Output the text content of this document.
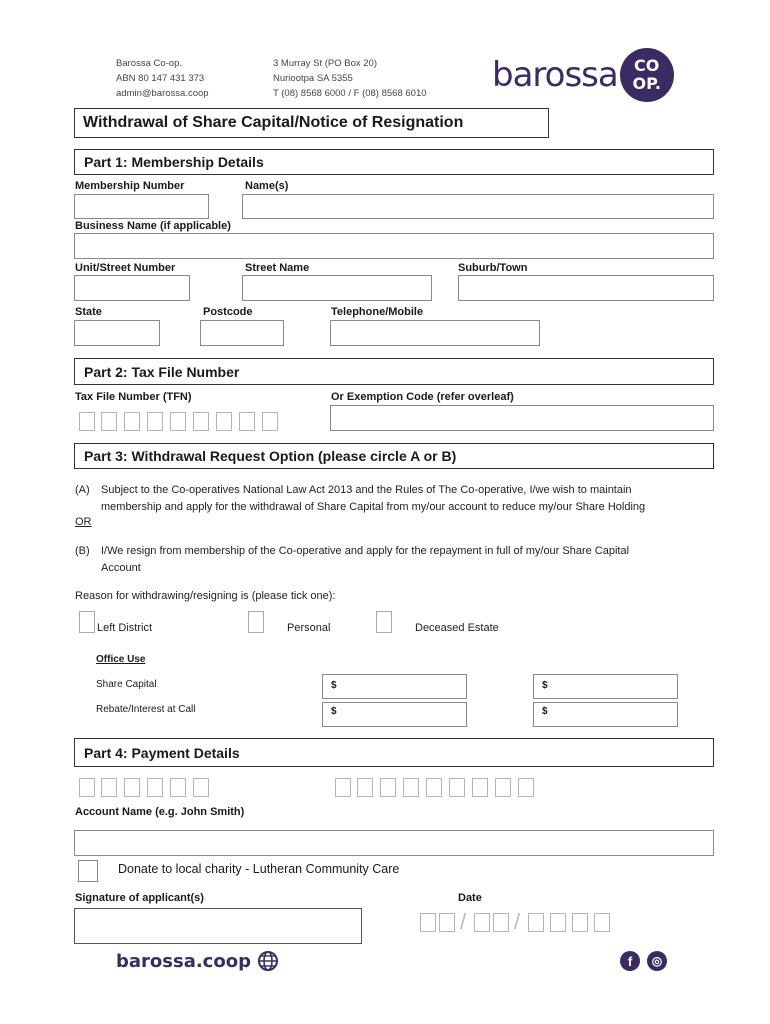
Barossa Co-op.
ABN 80 147 431 373
admin@barossa.coop
3 Murray St (PO Box 20)
Nuriootpa SA 5355
T (08) 8568 6000 / F (08) 8568 6010 barossa CO
OP.
Withdrawal of Share Capital/Notice of Resignation
Part 1: Membership Details
Membership Number	Name(s)
Business Name (if applicable)
Unit/Street Number	Street Name	Suburb/Town
State	Postcode	Telephone/Mobile
Part 2: Tax File Number
Tax File Number (TFN)	Or Exemption Code (refer overleaf)
Part 3: Withdrawal Request Option (please circle A or B)
(A) Subject to the Co-operatives National Law Act 2013 and the Rules of The Co-operative, I/we wish to maintain
membership and apply for the withdrawal of Share Capital from my/our account to reduce my/our Share Holding
OR
(B) I/We resign from membership of the Co-operative and apply for the repayment in full of my/our Share Capital
Account
Reason for withdrawing/resigning is (please tick one):
Left District	Personal	Deceased Estate
Office Use
Share Capital	$	$
Rebate/Interest at Call	$	$
Part 4: Payment Details
Account Name (e.g. John Smith)
Donate to local charity - Lutheran Community Care
Signature of applicant(s)	Date
/ /
barossa.coop	f	◎
